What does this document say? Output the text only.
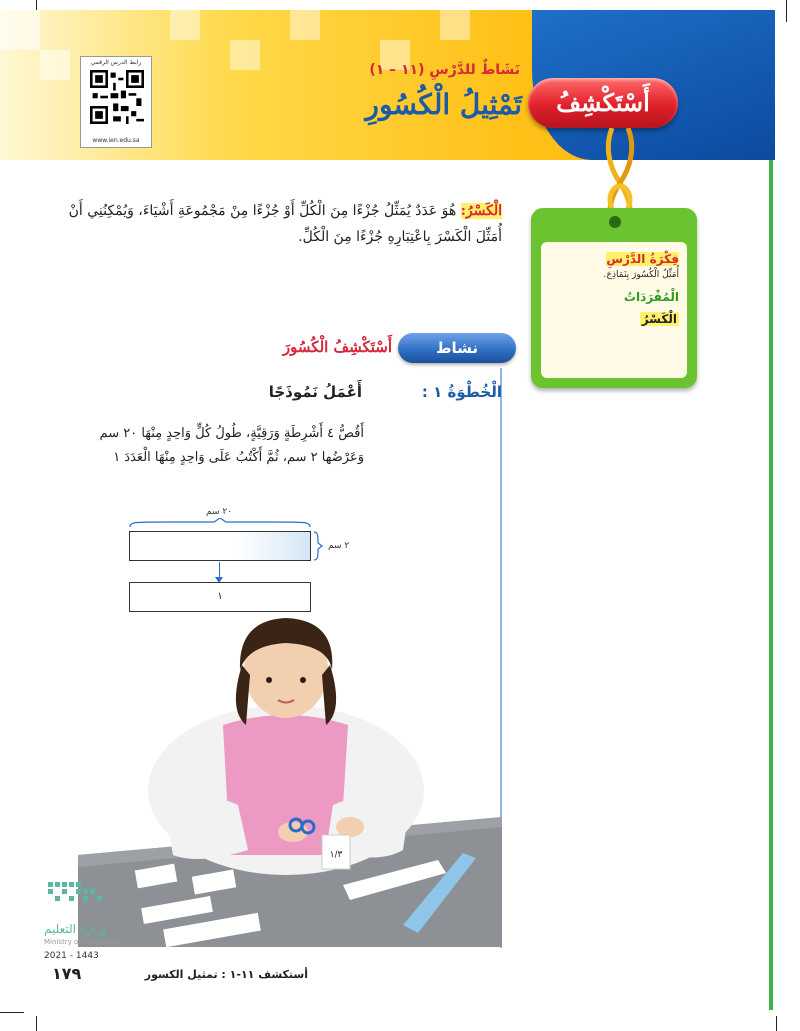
رابط الدرس الرقمي
www.ien.edu.sa
نَشَاطٌ للدَّرْسِ (١١ – ١)
تَمْثِيلُ الْكُسُورِ	أَسْتَكْشِفُ
فِكْرَةُ الدَّرْسِ
أُمَثِّلُ الْكُسُورَ بِنَمَاذِجَ.
الْمُفْرَدَاتُ
الْكَسْرُ
الْكَسْرُ: هُوَ عَدَدٌ يُمَثِّلُ جُزْءًا مِنَ الْكُلِّ أَوْ جُزْءًا مِنْ مَجْمُوعَةِ أَشْيَاءَ، وَيُمْكِنُنِي أَنْ أُمَثِّلَ الْكَسْرَ بِاعْتِبَارِهِ جُزْءًا مِنَ الْكُلِّ.
نشاط
أَسْتَكْشِفُ الْكُسُورَ
الْخُطْوَةُ ١ :
أَعْمَلُ نَمُوذَجًا
أَقُصُّ ٤ أَشْرِطَةٍ وَرَقِيَّةٍ، طُولُ كُلٍّ وَاحِدٍ مِنْهَا ٢٠ سم وَعَرْضُها ٢ سم، ثُمَّ أَكْتُبُ عَلَى وَاحِدٍ مِنْهَا الْعَدَدَ ١
٢٠ سم
٢ سم
١
١/٣
وزارة التعليم
Ministry of Education
2021 - 1443
١٧٩	أستكشف ١١-١ : تمثيل الكسور
